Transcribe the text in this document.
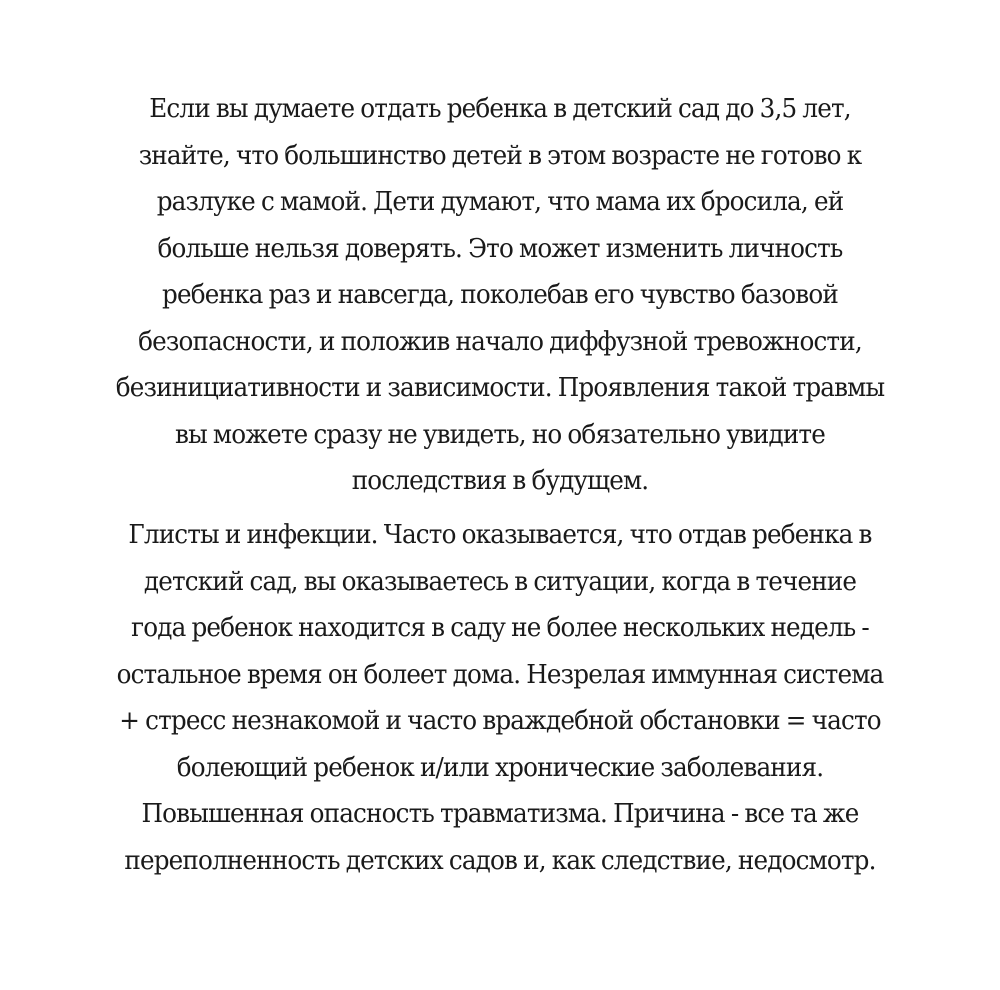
Если вы думаете отдать ребенка в детский сад до 3,5 лет,
знайте, что большинство детей в этом возрасте не готово к
разлуке с мамой. Дети думают, что мама их бросила, ей
больше нельзя доверять. Это может изменить личность
ребенка раз и навсегда, поколебав его чувство базовой
безопасности, и положив начало диффузной тревожности,
безинициативности и зависимости. Проявления такой травмы
вы можете сразу не увидеть, но обязательно увидите
последствия в будущем.
Глисты и инфекции. Часто оказывается, что отдав ребенка в
детский сад, вы оказываетесь в ситуации, когда в течение
года ребенок находится в саду не более нескольких недель -
остальное время он болеет дома. Незрелая иммунная система
+ стресс незнакомой и часто враждебной обстановки = часто
болеющий ребенок и/или хронические заболевания.
Повышенная опасность травматизма. Причина - все та же
переполненность детских садов и, как следствие, недосмотр.
